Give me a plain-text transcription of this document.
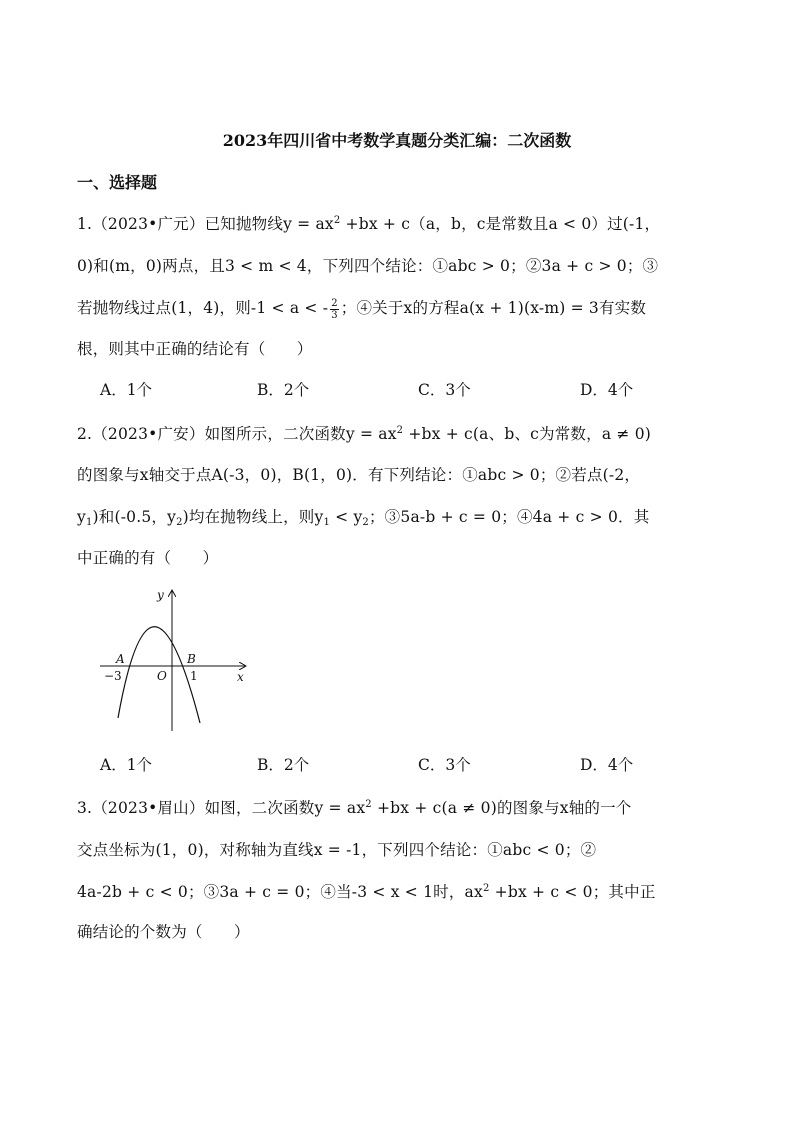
2023年四川省中考数学真题分类汇编：二次函数
一、选择题
1.（2023•广元）已知抛物线$y = ax^2 +bx + c(a$，b，c是常数且a < 0）过(-1，
0)和(m，0)两点，且3 < m < 4，下列四个结论：①abc > 0；②3a + c > 0；③
若抛物线过点(1，4)，则-1 < a < - $\frac{2}{3}$ ；④关于x的方程a(x + 1)(x-m) = 3有实数
根，则其中正确的结论有（　　）
A．1个	B．2个	C．3个	D．4个
2.（2023•广安）如图所示，二次函数$y = ax^2 +bx + c(a$、b、c为常数，a ≠ 0)
的图象与x轴交于点A(-3，0)，B(1，0)．有下列结论：①abc > 0；②若点(-2，
$y_1$)和(-0.5，$y_2$)均在抛物线上，则$y_1 < y_2$；③5a-b + c = 0；④4a + c > 0．其
中正确的有（　　）
y
x
A	B
−3	O 1
A．1个	B．2个	C．3个	D．4个
3.（2023•眉山）如图，二次函数$y = ax^2 +bx + c(a \ne 0)$的图象与x轴的一个
交点坐标为(1，0)，对称轴为直线x = -1，下列四个结论：①abc < 0；②
4a-2b + c < 0；③3a + c = 0；④当-3 < x < 1时，$ax^2 +bx + c < 0$；其中正
确结论的个数为（　　）
